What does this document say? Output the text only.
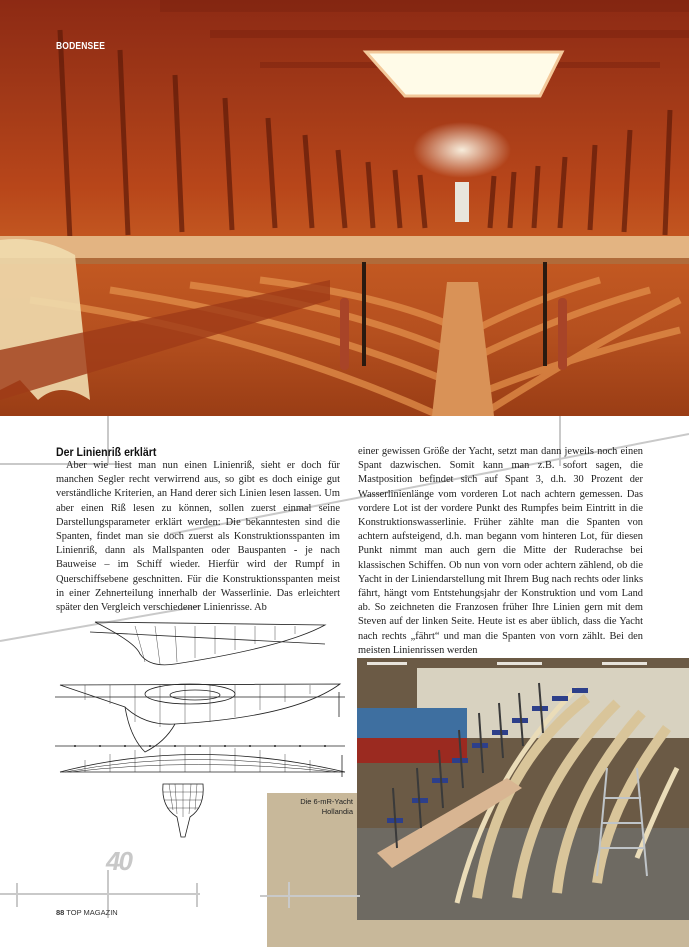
BODENSEE
Der Linienriß erklärt

Aber wie liest man nun einen Linienriß, sieht er doch für manchen Segler recht verwirrend aus, so gibt es doch einige gut verständliche Kriterien, an Hand derer sich Linien lesen lassen. Um aber einen Riß lesen zu können, sollen zuerst einmal seine Darstellungsparameter erklärt werden: Die bekanntesten sind die Spanten, findet man sie doch zuerst als Konstruktionsspanten im Linienriß, dann als Mallspanten oder Bauspanten - je nach Bauweise – im Schiff wieder. Hierfür wird der Rumpf in Querschiffsebene geschnitten. Für die Konstruktionsspanten meist in einer Zehnerteilung innerhalb der Wasserlinie. Das erleichtert später den Vergleich verschiedener Linienrisse. Ab

einer gewissen Größe der Yacht, setzt man dann jeweils noch einen Spant dazwischen. Somit kann man z.B. sofort sagen, die Mastposition befindet sich auf Spant 3, d.h. 30 Prozent der Wasserlinienlänge vom vorderen Lot nach achtern gemessen. Das vordere Lot ist der vordere Punkt des Rumpfes beim Eintritt in die Konstruktionswasserlinie. Früher zählte man die Spanten von achtern aufsteigend, d.h. man begann vom hinteren Lot, für diesen Punkt nimmt man auch gern die Mitte der Ruderachse bei klassischen Schiffen. Ob nun von vorn oder achtern zählend, ob die Yacht in der Liniendarstellung mit Ihrem Bug nach rechts oder links fährt, hängt vom Entstehungsjahr der Konstruktion und vom Land ab. So zeichneten die Franzosen früher Ihre Linien gern mit dem Steven auf der linken Seite. Heute ist es aber üblich, dass die Yacht nach rechts „fährt“ und man die Spanten von vorn zählt. Bei den meisten Linienrissen werden

Die 6-mR-Yacht
Hollandia
40
88 TOP MAGAZIN
